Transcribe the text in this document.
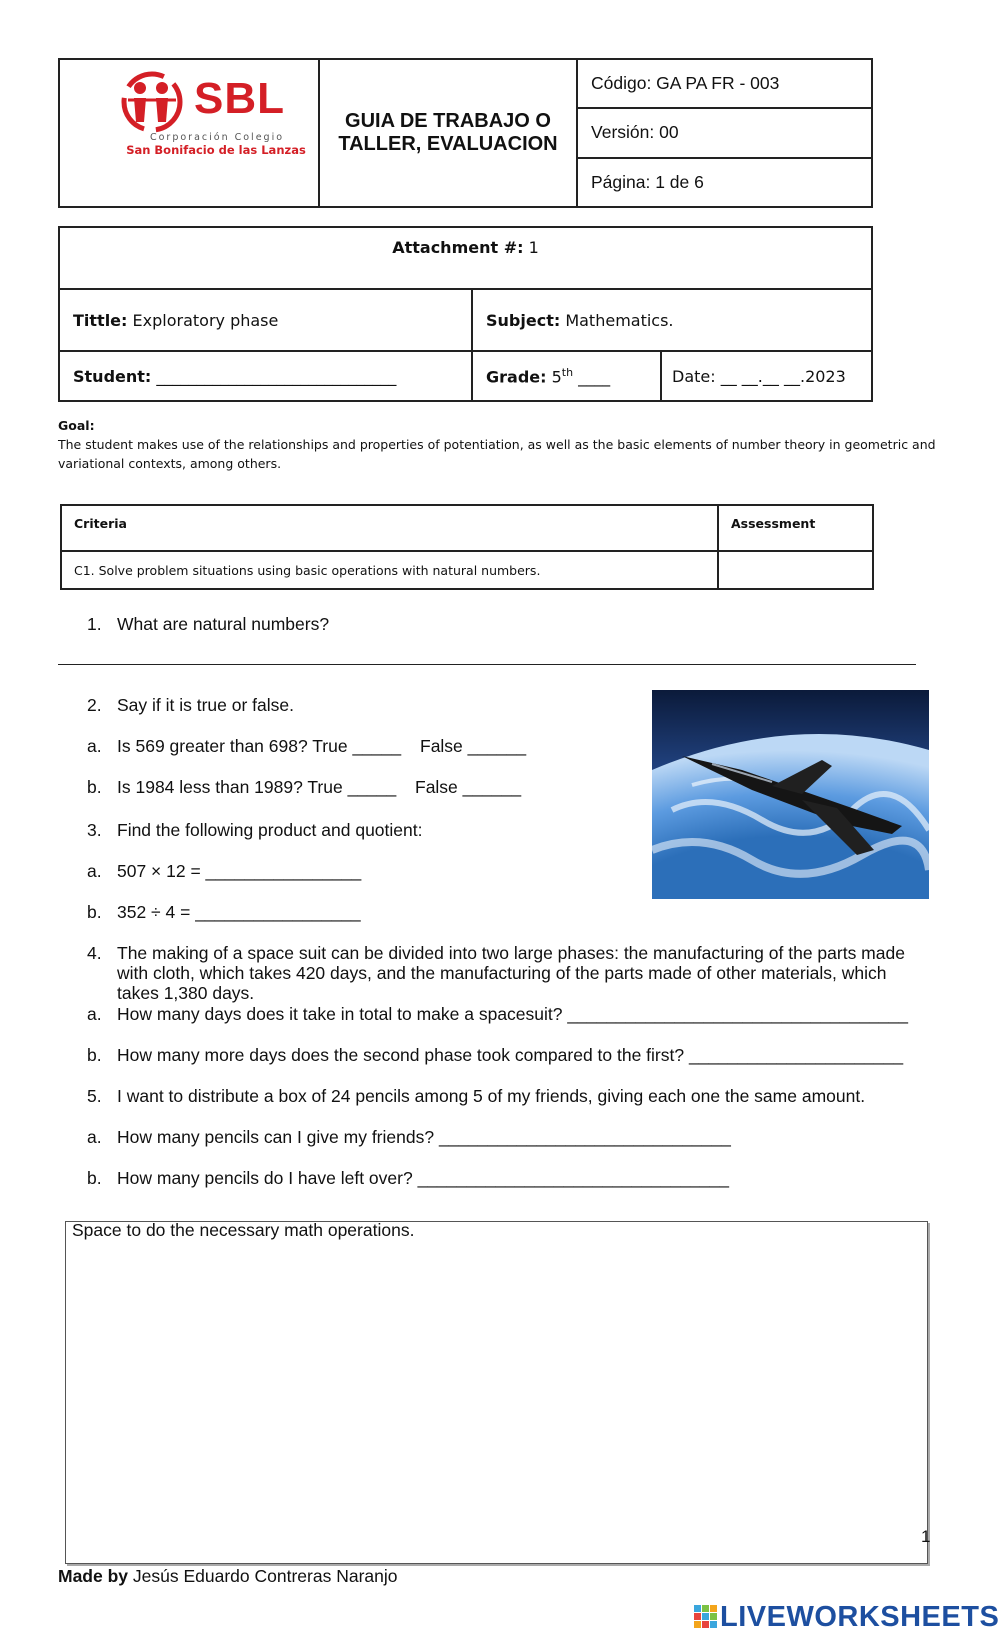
SBL
Corporación Colegio
San Bonifacio de las Lanzas

GUIA DE TRABAJO O
TALLER, EVALUACION
	Código: GA PA FR - 003
Versión: 00
Página: 1 de 6
Attachment #: 1		
Tittle: Exploratory phase	Subject: Mathematics.	
Student: ______________________________	Grade: 5th ____	Date: __ __.__ __.2023
Goal:
The student makes use of the relationships and properties of potentiation, as well as the basic elements of number theory in geometric and
variational contexts, among others.
Criteria	Assessment
C1. Solve problem situations using basic operations with natural numbers.	
1. What are natural numbers?
2. Say if it is true or false.
a. Is 569 greater than 698? True _____ False ______
b. Is 1984 less than 1989? True _____ False ______
3. Find the following product and quotient:
a. 507 × 12 = ________________
b. 352 ÷ 4 = _________________
4. The making of a space suit can be divided into two large phases: the manufacturing of the parts made
with cloth, which takes 420 days, and the manufacturing of the parts made of other materials, which
takes 1,380 days.
a. How many days does it take in total to make a spacesuit? ___________________________________
b. How many more days does the second phase took compared to the first? ______________________
5. I want to distribute a box of 24 pencils among 5 of my friends, giving each one the same amount.
a. How many pencils can I give my friends? ______________________________
b. How many pencils do I have left over? ________________________________
Space to do the necessary math operations.
1
Made by Jesús Eduardo Contreras Naranjo
LIVEWORKSHEETS
